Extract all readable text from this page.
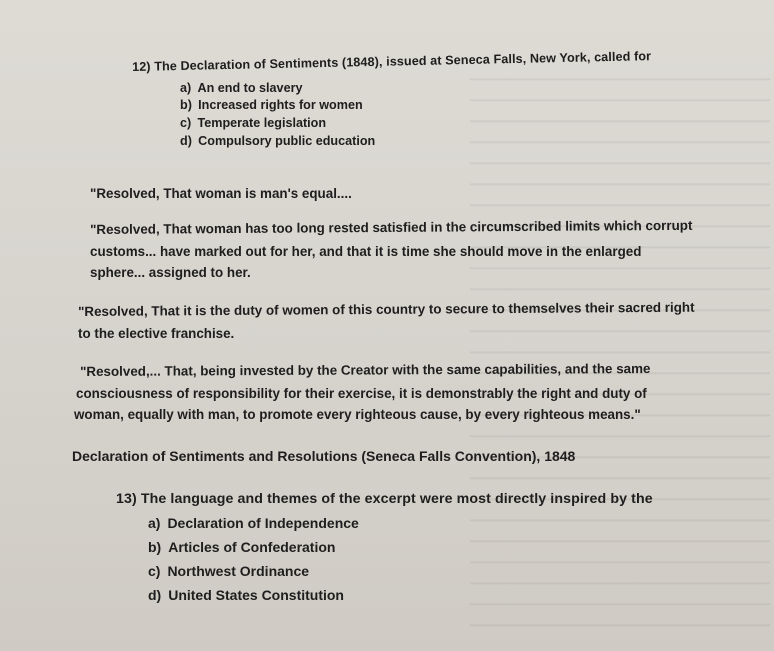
12) The Declaration of Sentiments (1848), issued at Seneca Falls, New York, called for
a) An end to slavery
b) Increased rights for women
c) Temperate legislation
d) Compulsory public education
"Resolved, That woman is man's equal....
"Resolved, That woman has too long rested satisfied in the circumscribed limits which corrupt
customs... have marked out for her, and that it is time she should move in the enlarged
sphere... assigned to her.
"Resolved, That it is the duty of women of this country to secure to themselves their sacred right
to the elective franchise.
"Resolved,... That, being invested by the Creator with the same capabilities, and the same
consciousness of responsibility for their exercise, it is demonstrably the right and duty of
woman, equally with man, to promote every righteous cause, by every righteous means."
Declaration of Sentiments and Resolutions (Seneca Falls Convention), 1848
13) The language and themes of the excerpt were most directly inspired by the
a) Declaration of Independence
b) Articles of Confederation
c) Northwest Ordinance
d) United States Constitution
